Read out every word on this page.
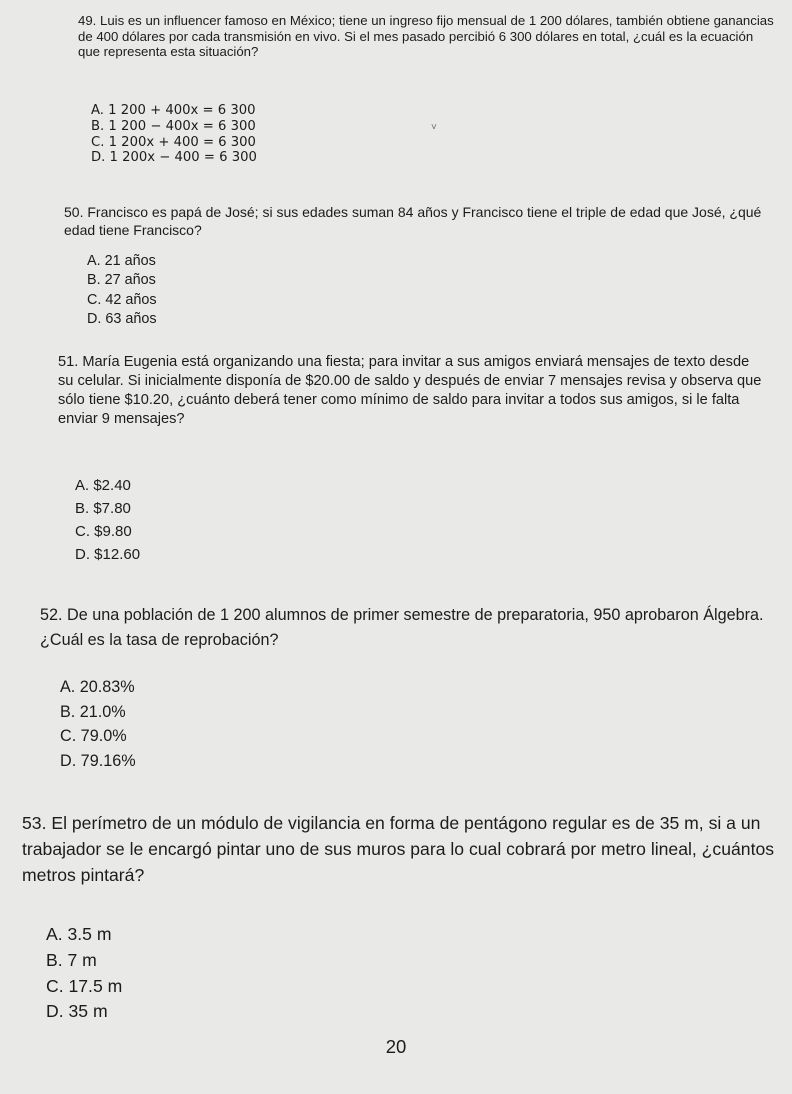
49. Luis es un influencer famoso en México; tiene un ingreso fijo mensual de 1 200 dólares, también obtiene ganancias de 400 dólares por cada transmisión en vivo. Si el mes pasado percibió 6 300 dólares en total, ¿cuál es la ecuación que representa esta situación?

A. 1 200 + 400x = 6 300
B. 1 200 − 400x = 6 300
C. 1 200x + 400 = 6 300
D. 1 200x − 400 = 6 300
˅

50. Francisco es papá de José; si sus edades suman 84 años y Francisco tiene el triple de edad que José, ¿qué edad tiene Francisco?

A. 21 años
B. 27 años
C. 42 años
D. 63 años

51. María Eugenia está organizando una fiesta; para invitar a sus amigos enviará mensajes de texto desde su celular. Si inicialmente disponía de $20.00 de saldo y después de enviar 7 mensajes revisa y observa que sólo tiene $10.20, ¿cuánto deberá tener como mínimo de saldo para invitar a todos sus amigos, si le falta enviar 9 mensajes?

A. $2.40
B. $7.80
C. $9.80
D. $12.60

52. De una población de 1 200 alumnos de primer semestre de preparatoria, 950 aprobaron Álgebra. ¿Cuál es la tasa de reprobación?

A. 20.83%
B. 21.0%
C. 79.0%
D. 79.16%

53. El perímetro de un módulo de vigilancia en forma de pentágono regular es de 35 m, si a un trabajador se le encargó pintar uno de sus muros para lo cual cobrará por metro lineal, ¿cuántos metros pintará?

A. 3.5 m
B. 7 m
C. 17.5 m
D. 35 m
20
